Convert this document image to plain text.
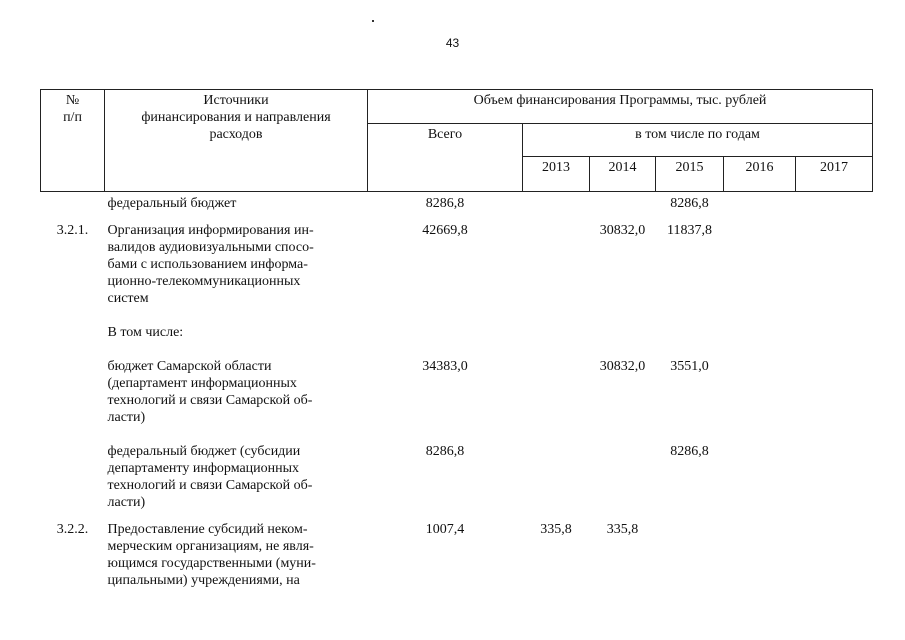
43
№
п/п	Источники
финансирования и направления
расходов	Объем финансирования Программы, тыс. рублей					
		Всего	в том числе по годам				
			2013	2014	2015	2016	2017
	федеральный бюджет	8286,8			8286,8		
3.2.1.	Организация информирования ин-
валидов аудиовизуальными спосо-
бами с использованием информа-
ционно-телекоммуникационных
систем	42669,8		30832,0	11837,8		

	В том числе:						

	бюджет Самарской области
(департамент информационных
технологий и связи Самарской об-
ласти)	34383,0		30832,0	3551,0		

	федеральный бюджет (субсидии
департаменту информационных
технологий и связи Самарской об-
ласти)	8286,8			8286,8		
3.2.2.	Предоставление субсидий неком-
мерческим организациям, не явля-
ющимся государственными (муни-
ципальными) учреждениями, на	1007,4	335,8	335,8			
